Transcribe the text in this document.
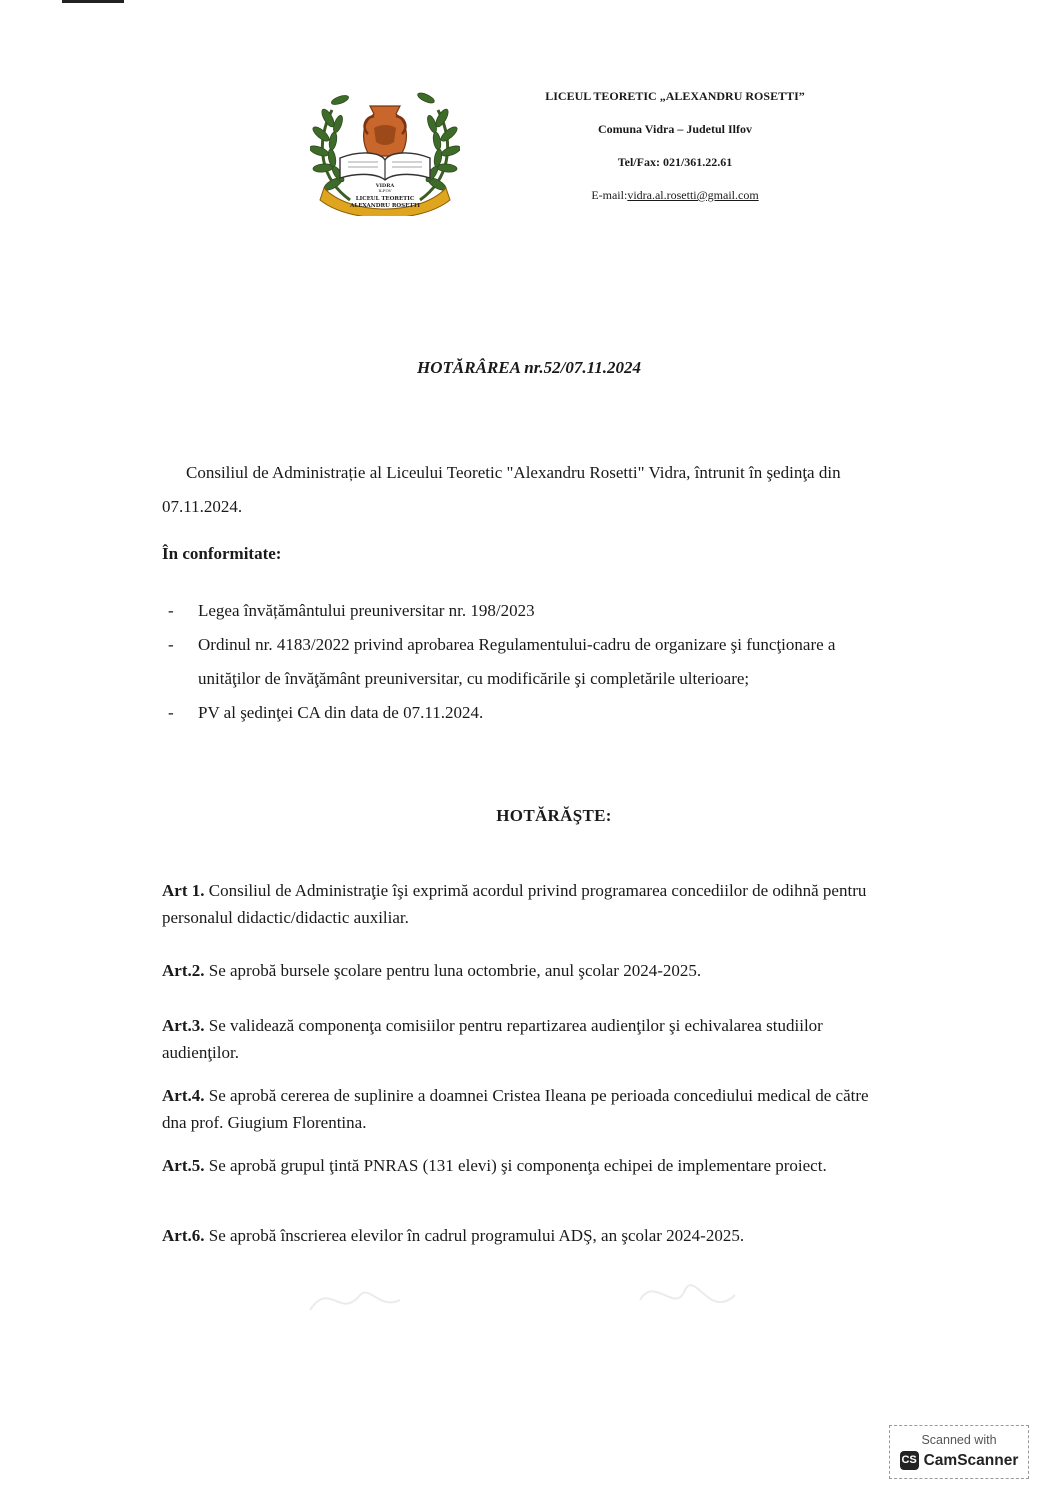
VIDRA
ILFOV
LICEUL TEORETIC
ALEXANDRU ROSETTI
LICEUL TEORETIC „ALEXANDRU ROSETTI”
Comuna Vidra – Judetul Ilfov
Tel/Fax: 021/361.22.61
E-mail:vidra.al.rosetti@gmail.com
HOTĂRÂREA nr.52/07.11.2024
Consiliul de Administrație al Liceului Teoretic "Alexandru Rosetti" Vidra, întrunit în şedinţa din 07.11.2024.
În conformitate:
- Legea învățământului preuniversitar nr. 198/2023
- Ordinul nr. 4183/2022 privind aprobarea Regulamentului-cadru de organizare şi funcţionare a unităţilor de învăţământ preuniversitar, cu modificările şi completările ulterioare;
- PV al şedinţei CA din data de 07.11.2024.
HOTĂRĂŞTE:
Art 1. Consiliul de Administraţie îşi exprimă acordul privind programarea concediilor de odihnă pentru personalul didactic/didactic auxiliar.
Art.2. Se aprobă bursele şcolare pentru luna octombrie, anul şcolar 2024-2025.
Art.3. Se validează componenţa comisiilor pentru repartizarea audienţilor şi echivalarea studiilor audienţilor.
Art.4. Se aprobă cererea de suplinire a doamnei Cristea Ileana pe perioada concediului medical de către dna prof. Giugium Florentina.
Art.5. Se aprobă grupul ţintă PNRAS (131 elevi) şi componenţa echipei de implementare proiect.
Art.6. Se aprobă înscrierea elevilor în cadrul programului ADŞ, an şcolar 2024-2025.
Scanned with
CS CamScanner
